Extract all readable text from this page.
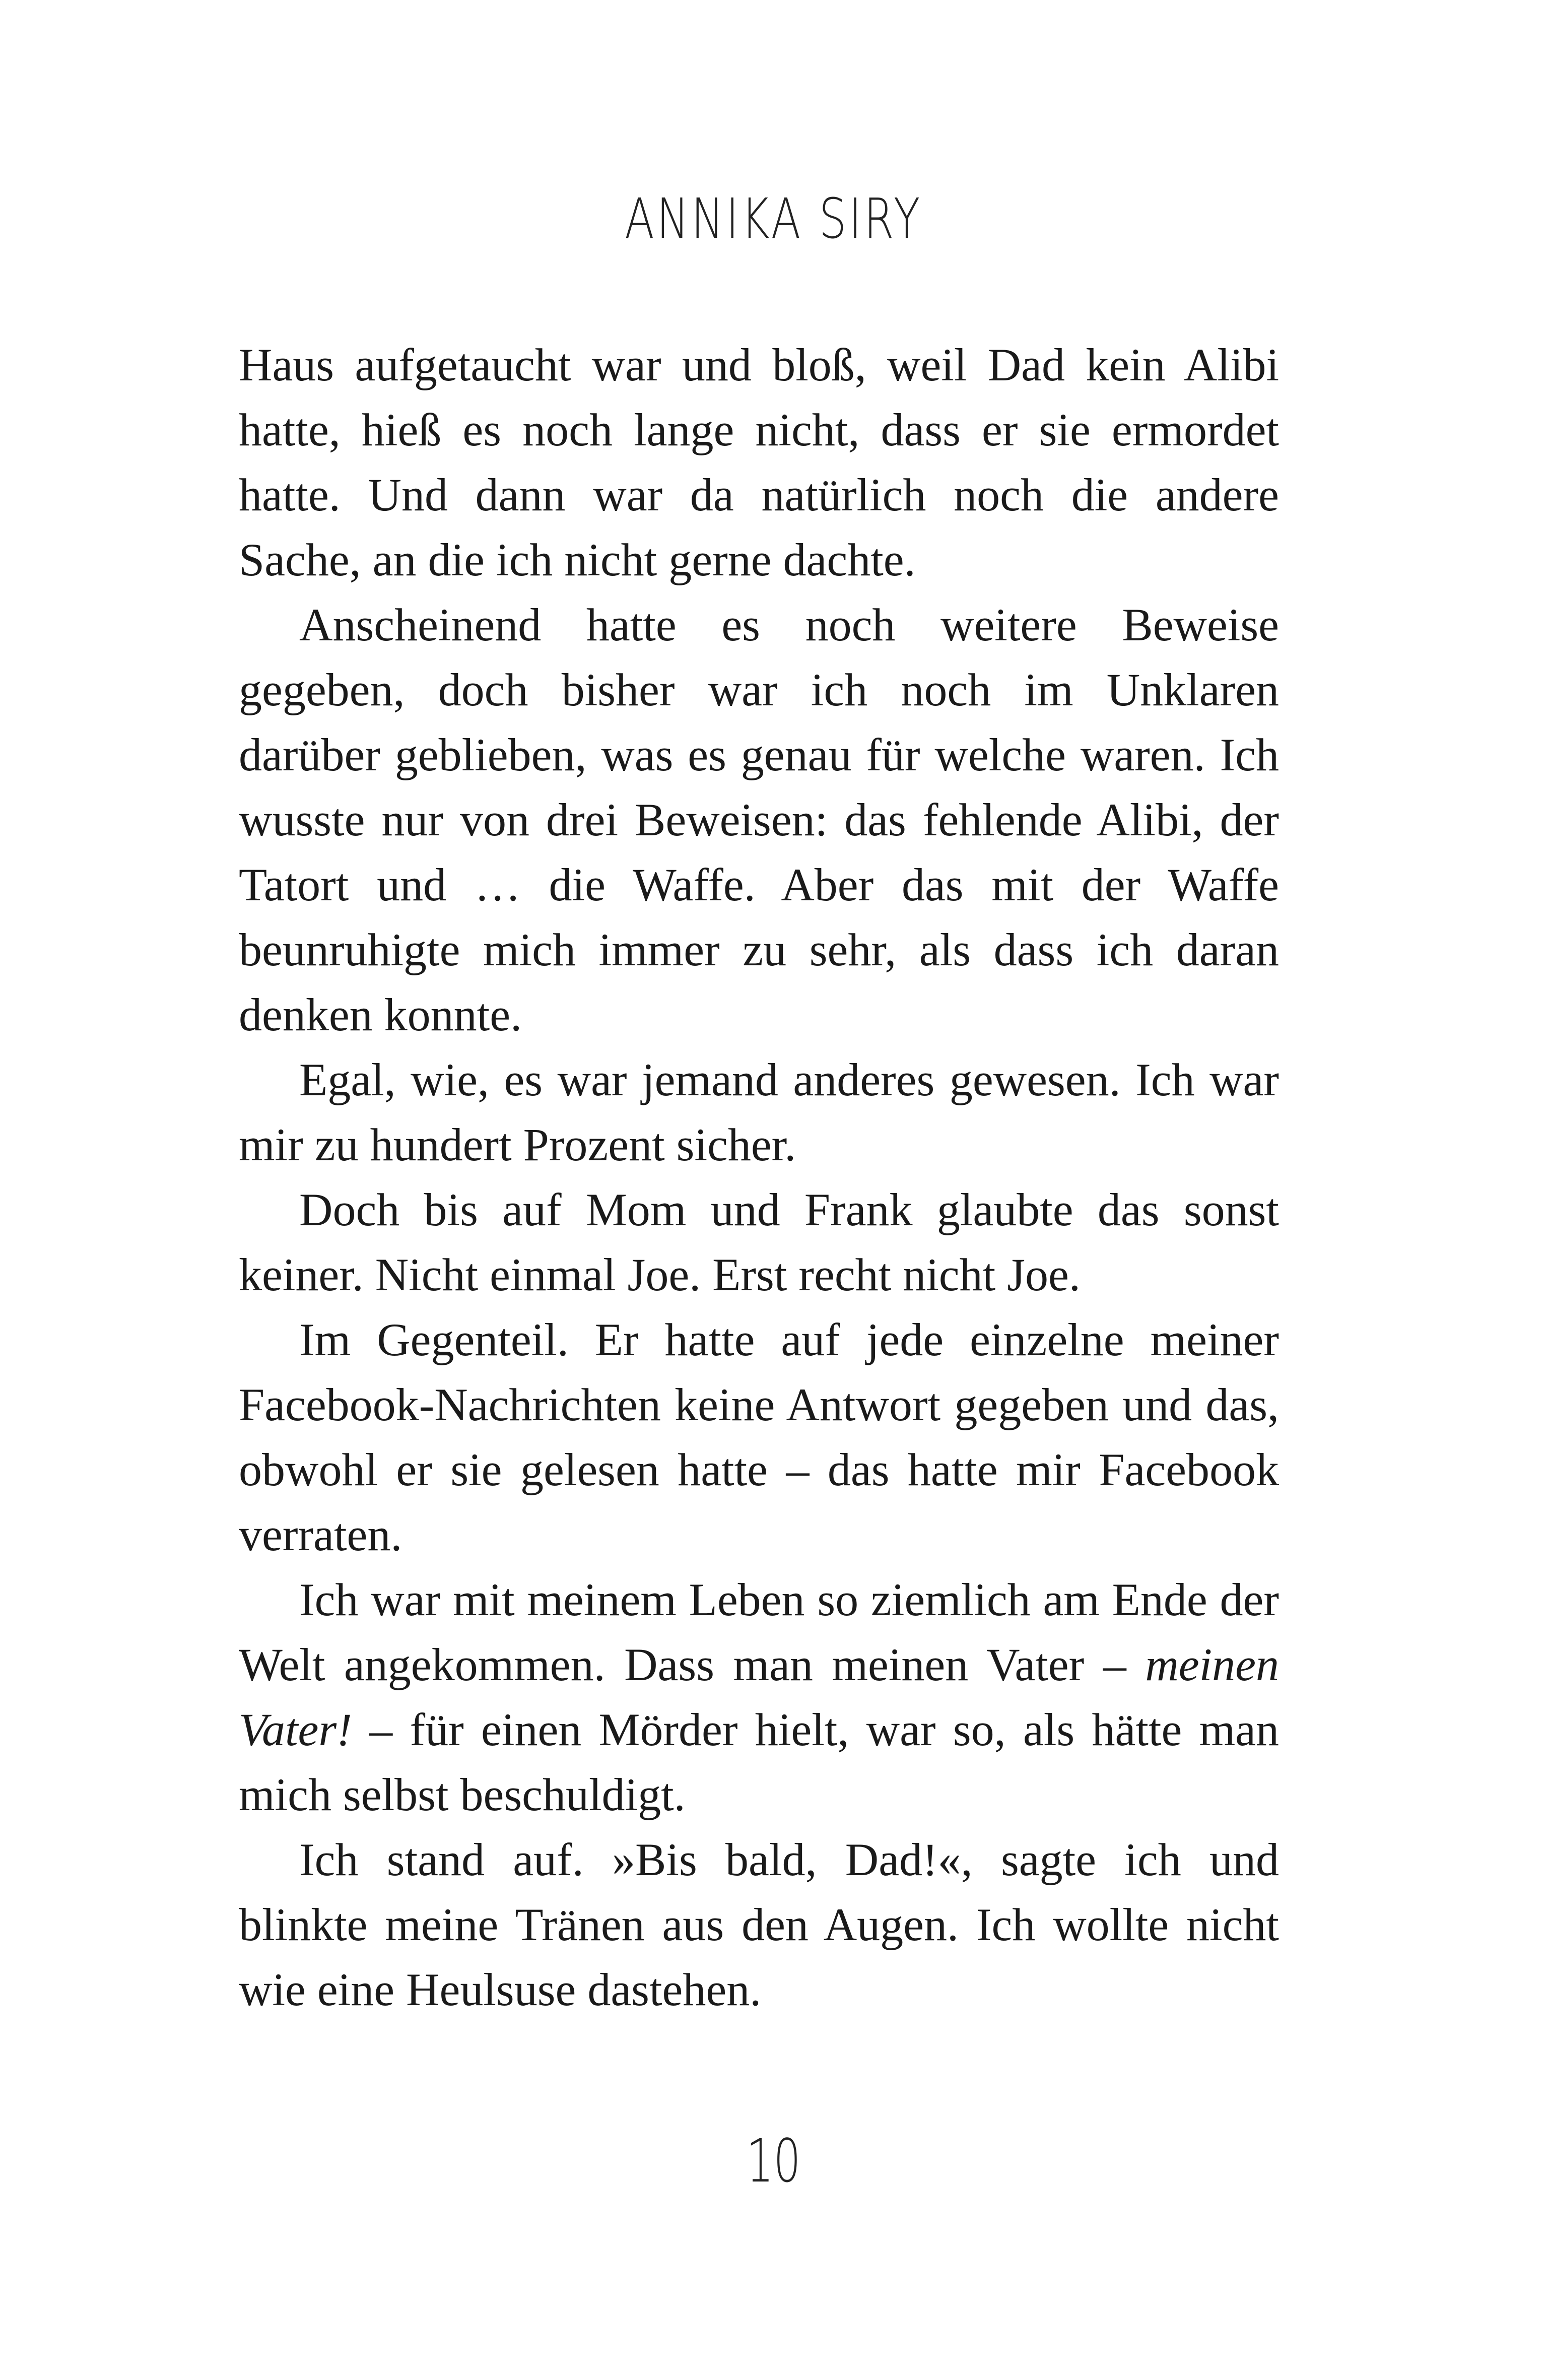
ANNIKA SIRY

Haus aufgetaucht war und bloß, weil Dad kein Alibi hatte, hieß es noch lange nicht, dass er sie ermordet hatte. Und dann war da natürlich noch die andere Sache, an die ich nicht gerne dachte.

Anscheinend hatte es noch weitere Beweise gegeben, doch bisher war ich noch im Unklaren darüber geblieben, was es genau für welche waren. Ich wusste nur von drei Beweisen: das fehlende Alibi, der Tatort und … die Waffe. Aber das mit der Waffe beunruhigte mich immer zu sehr, als dass ich daran denken konnte.

Egal, wie, es war jemand anderes gewesen. Ich war mir zu hundert Prozent sicher.

Doch bis auf Mom und Frank glaubte das sonst keiner. Nicht einmal Joe. Erst recht nicht Joe.

Im Gegenteil. Er hatte auf jede einzelne meiner Facebook-Nachrichten keine Antwort gegeben und das, obwohl er sie gelesen hatte – das hatte mir Facebook verraten.

Ich war mit meinem Leben so ziemlich am Ende der Welt angekommen. Dass man meinen Vater – meinen Vater! – für einen Mörder hielt, war so, als hätte man mich selbst beschuldigt.

Ich stand auf. »Bis bald, Dad!«, sagte ich und blinkte meine Tränen aus den Augen. Ich wollte nicht wie eine Heulsuse dastehen.

10
